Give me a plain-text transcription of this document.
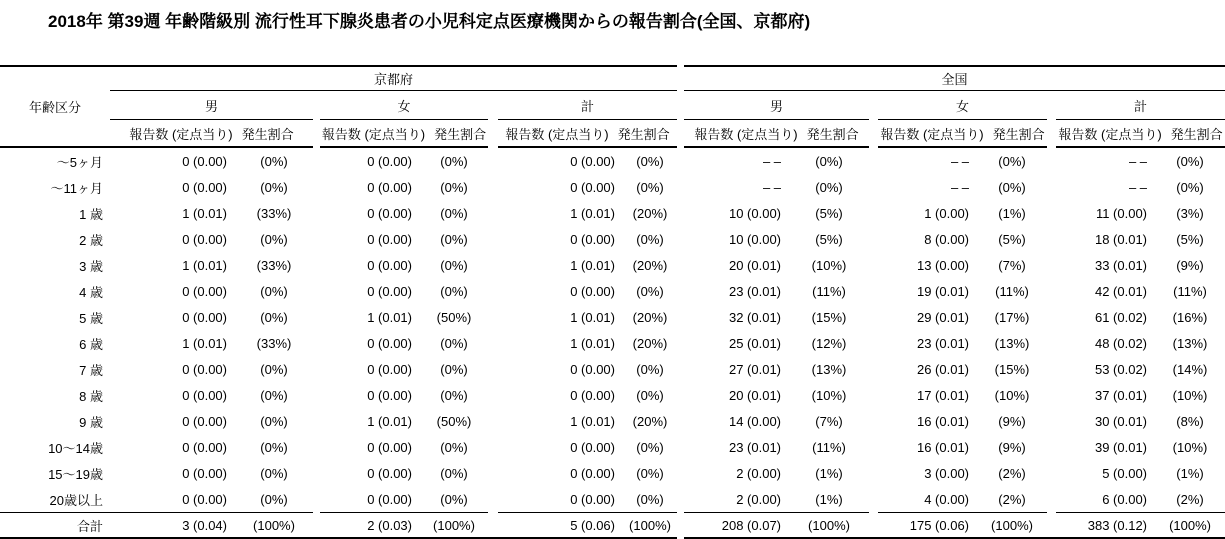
2018年 第39週 年齢階級別 流行性耳下腺炎患者の小児科定点医療機関からの報告割合(全国、京都府)
年齢区分	京都府									全国							
	男			女			計			男			女			計	

	報告数 (定点当り) 発生割合			報告数 (定点当り) 発生割合			報告数 (定点当り) 発生割合			報告数 (定点当り) 発生割合			報告数 (定点当り) 発生割合			報告数 (定点当り) 発生割合	

～5ヶ月	0 (0.00)	(0%)		0 (0.00)	(0%)		0 (0.00)	(0%)		– –	(0%)		– –	(0%)		– –	(0%)
～11ヶ月	0 (0.00)	(0%)		0 (0.00)	(0%)		0 (0.00)	(0%)		– –	(0%)		– –	(0%)		– –	(0%)
1 歳	1 (0.01)	(33%)		0 (0.00)	(0%)		1 (0.01)	(20%)		10 (0.00)	(5%)		1 (0.00)	(1%)		11 (0.00)	(3%)
2 歳	0 (0.00)	(0%)		0 (0.00)	(0%)		0 (0.00)	(0%)		10 (0.00)	(5%)		8 (0.00)	(5%)		18 (0.01)	(5%)
3 歳	1 (0.01)	(33%)		0 (0.00)	(0%)		1 (0.01)	(20%)		20 (0.01)	(10%)		13 (0.00)	(7%)		33 (0.01)	(9%)
4 歳	0 (0.00)	(0%)		0 (0.00)	(0%)		0 (0.00)	(0%)		23 (0.01)	(11%)		19 (0.01)	(11%)		42 (0.01)	(11%)
5 歳	0 (0.00)	(0%)		1 (0.01)	(50%)		1 (0.01)	(20%)		32 (0.01)	(15%)		29 (0.01)	(17%)		61 (0.02)	(16%)
6 歳	1 (0.01)	(33%)		0 (0.00)	(0%)		1 (0.01)	(20%)		25 (0.01)	(12%)		23 (0.01)	(13%)		48 (0.02)	(13%)
7 歳	0 (0.00)	(0%)		0 (0.00)	(0%)		0 (0.00)	(0%)		27 (0.01)	(13%)		26 (0.01)	(15%)		53 (0.02)	(14%)
8 歳	0 (0.00)	(0%)		0 (0.00)	(0%)		0 (0.00)	(0%)		20 (0.01)	(10%)		17 (0.01)	(10%)		37 (0.01)	(10%)
9 歳	0 (0.00)	(0%)		1 (0.01)	(50%)		1 (0.01)	(20%)		14 (0.00)	(7%)		16 (0.01)	(9%)		30 (0.01)	(8%)
10～14歳	0 (0.00)	(0%)		0 (0.00)	(0%)		0 (0.00)	(0%)		23 (0.01)	(11%)		16 (0.01)	(9%)		39 (0.01)	(10%)
15～19歳	0 (0.00)	(0%)		0 (0.00)	(0%)		0 (0.00)	(0%)		2 (0.00)	(1%)		3 (0.00)	(2%)		5 (0.00)	(1%)
20歳以上	0 (0.00)	(0%)		0 (0.00)	(0%)		0 (0.00)	(0%)		2 (0.00)	(1%)		4 (0.00)	(2%)		6 (0.00)	(2%)
合計	3 (0.04)	(100%)		2 (0.03)	(100%)		5 (0.06)	(100%)		208 (0.07)	(100%)		175 (0.06)	(100%)		383 (0.12)	(100%)
